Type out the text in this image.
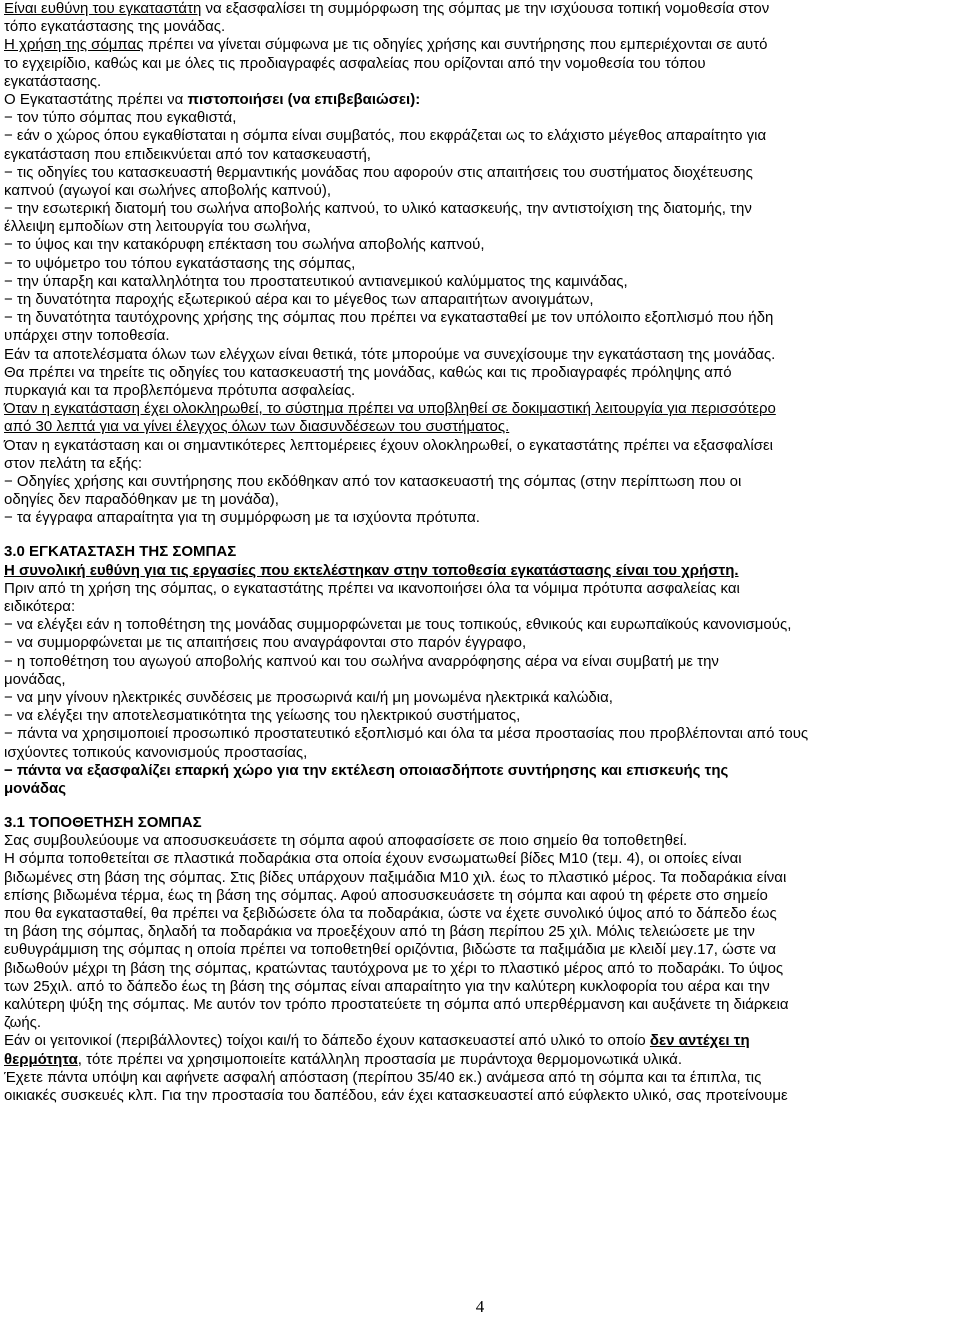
Είναι ευθύνη του εγκαταστάτη να εξασφαλίσει τη συμμόρφωση της σόμπας με την ισχύουσα τοπική νομοθεσία στον
τόπο εγκατάστασης της μονάδας.
Η χρήση της σόμπας πρέπει να γίνεται σύμφωνα με τις οδηγίες χρήσης και συντήρησης που εμπεριέχονται σε αυτό
το εγχειρίδιο, καθώς και με όλες τις προδιαγραφές ασφαλείας που ορίζονται από την νομοθεσία του τόπου
εγκατάστασης.
Ο Εγκαταστάτης πρέπει να πιστοποιήσει (να επιβεβαιώσει):
− τον τύπο σόμπας που εγκαθιστά,
− εάν ο χώρος όπου εγκαθίσταται η σόμπα είναι συμβατός, που εκφράζεται ως το ελάχιστο μέγεθος απαραίτητο για
εγκατάσταση που επιδεικνύεται από τον κατασκευαστή,
− τις οδηγίες του κατασκευαστή θερμαντικής μονάδας που αφορούν στις απαιτήσεις του συστήματος διοχέτευσης
καπνού (αγωγοί και σωλήνες αποβολής καπνού),
− την εσωτερική διατομή του σωλήνα αποβολής καπνού, το υλικό κατασκευής, την αντιστοίχιση της διατομής, την
έλλειψη εμποδίων στη λειτουργία του σωλήνα,
− το ύψος και την κατακόρυφη επέκταση του σωλήνα αποβολής καπνού,
− το υψόμετρο του τόπου εγκατάστασης της σόμπας,
− την ύπαρξη και καταλληλότητα του προστατευτικού αντιανεμικού καλύμματος της καμινάδας,
− τη δυνατότητα παροχής εξωτερικού αέρα και το μέγεθος των απαραιτήτων ανοιγμάτων,
− τη δυνατότητα ταυτόχρονης χρήσης της σόμπας που πρέπει να εγκατασταθεί με τον υπόλοιπο εξοπλισμό που ήδη
υπάρχει στην τοποθεσία.
Εάν τα αποτελέσματα όλων των ελέγχων είναι θετικά, τότε μπορούμε να συνεχίσουμε την εγκατάσταση της μονάδας.
Θα πρέπει να τηρείτε τις οδηγίες του κατασκευαστή της μονάδας, καθώς και τις προδιαγραφές πρόληψης από
πυρκαγιά και τα προβλεπόμενα πρότυπα ασφαλείας.
Όταν η εγκατάσταση έχει ολοκληρωθεί, το σύστημα πρέπει να υποβληθεί σε δοκιμαστική λειτουργία για περισσότερο
από 30 λεπτά για να γίνει έλεγχος όλων των διασυνδέσεων του συστήματος.
Όταν η εγκατάσταση και οι σημαντικότερες λεπτομέρειες έχουν ολοκληρωθεί, ο εγκαταστάτης πρέπει να εξασφαλίσει
στον πελάτη τα εξής:
− Οδηγίες χρήσης και συντήρησης που εκδόθηκαν από τον κατασκευαστή της σόμπας (στην περίπτωση που οι
οδηγίες δεν παραδόθηκαν με τη μονάδα),
− τα έγγραφα απαραίτητα για τη συμμόρφωση με τα ισχύοντα πρότυπα.
3.0 ΕΓΚΑΤΑΣΤΑΣΗ ΤΗΣ ΣΟΜΠΑΣ
Η συνολική ευθύνη για τις εργασίες που εκτελέστηκαν στην τοποθεσία εγκατάστασης είναι του χρήστη.
Πριν από τη χρήση της σόμπας, ο εγκαταστάτης πρέπει να ικανοποιήσει όλα τα νόμιμα πρότυπα ασφαλείας και
ειδικότερα:
− να ελέγξει εάν η τοποθέτηση της μονάδας συμμορφώνεται με τους τοπικούς, εθνικούς και ευρωπαϊκούς κανονισμούς,
− να συμμορφώνεται με τις απαιτήσεις που αναγράφονται στο παρόν έγγραφο,
− η τοποθέτηση του αγωγού αποβολής καπνού και του σωλήνα αναρρόφησης αέρα να είναι συμβατή με την
μονάδας,
− να μην γίνουν ηλεκτρικές συνδέσεις με προσωρινά και/ή μη μονωμένα ηλεκτρικά καλώδια,
− να ελέγξει την αποτελεσματικότητα της γείωσης του ηλεκτρικού συστήματος,
− πάντα να χρησιμοποιεί προσωπικό προστατευτικό εξοπλισμό και όλα τα μέσα προστασίας που προβλέπονται από τους
ισχύοντες τοπικούς κανονισμούς προστασίας,
− πάντα να εξασφαλίζει επαρκή χώρο για την εκτέλεση οποιασδήποτε συντήρησης και επισκευής της
μονάδας
3.1 ΤΟΠΟΘΕΤΗΣΗ ΣΟΜΠΑΣ
Σας συμβουλεύουμε να αποσυσκευάσετε τη σόμπα αφού αποφασίσετε σε ποιο σημείο θα τοποθετηθεί.
Η σόμπα τοποθετείται σε πλαστικά ποδαράκια στα οποία έχουν ενσωματωθεί βίδες Μ10 (τεμ. 4), οι οποίες είναι
βιδωμένες στη βάση της σόμπας. Στις βίδες υπάρχουν παξιμάδια Μ10 χιλ. έως το πλαστικό μέρος. Τα ποδαράκια είναι
επίσης βιδωμένα τέρμα, έως τη βάση της σόμπας. Αφού αποσυσκευάσετε τη σόμπα και αφού τη φέρετε στο σημείο
που θα εγκατασταθεί, θα πρέπει να ξεβιδώσετε όλα τα ποδαράκια, ώστε να έχετε συνολικό ύψος από το δάπεδο έως
τη βάση της σόμπας, δηλαδή τα ποδαράκια να προεξέχουν από τη βάση περίπου 25 χιλ. Μόλις τελειώσετε με την
ευθυγράμμιση της σόμπας η οποία πρέπει να τοποθετηθεί οριζόντια, βιδώστε τα παξιμάδια με κλειδί μεγ.17, ώστε να
βιδωθούν μέχρι τη βάση της σόμπας, κρατώντας ταυτόχρονα με το χέρι το πλαστικό μέρος από το ποδαράκι. Το ύψος
των 25χιλ. από το δάπεδο έως τη βάση της σόμπας είναι απαραίτητο για την καλύτερη κυκλοφορία του αέρα και την
καλύτερη ψύξη της σόμπας. Με αυτόν τον τρόπο προστατεύετε τη σόμπα από υπερθέρμανση και αυξάνετε τη διάρκεια
ζωής.
Εάν οι γειτονικοί (περιβάλλοντες) τοίχοι και/ή το δάπεδο έχουν κατασκευαστεί από υλικό το οποίο δεν αντέχει τη
θερμότητα, τότε πρέπει να χρησιμοποιείτε κατάλληλη προστασία με πυράντοχα θερμομονωτικά υλικά.
Έχετε πάντα υπόψη και αφήνετε ασφαλή απόσταση (περίπου 35/40 εκ.) ανάμεσα από τη σόμπα και τα έπιπλα, τις
οικιακές συσκευές κλπ. Για την προστασία του δαπέδου, εάν έχει κατασκευαστεί από εύφλεκτο υλικό, σας προτείνουμε
4
